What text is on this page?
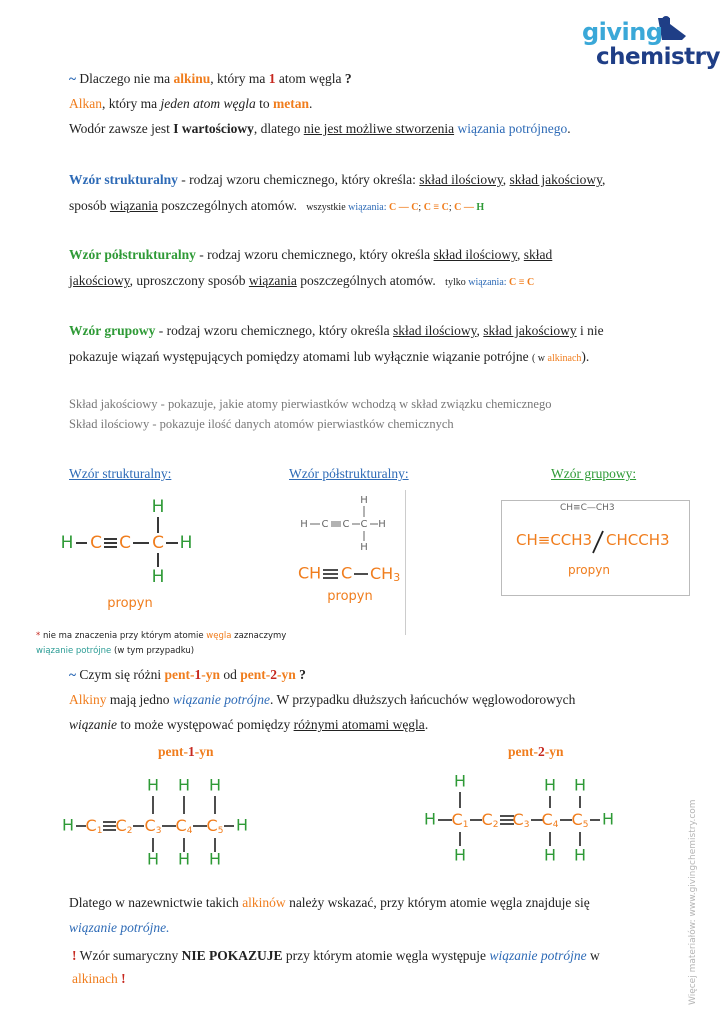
giving
chemistry
~ Dlaczego nie ma alkinu, który ma 1 atom węgla ?
Alkan, który ma jeden atom węgla to metan.
Wodór zawsze jest I wartościowy, dlatego nie jest możliwe stworzenia wiązania potrójnego.
Wzór strukturalny - rodzaj wzoru chemicznego, który określa: skład ilościowy, skład jakościowy,
sposób wiązania poszczególnych atomów. wszystkie wiązania: C — C; C ≡ C; C — H
Wzór półstrukturalny - rodzaj wzoru chemicznego, który określa skład ilościowy, skład
jakościowy, uproszczony sposób wiązania poszczególnych atomów. tylko wiązania: C ≡ C
Wzór grupowy - rodzaj wzoru chemicznego, który określa skład ilościowy, skład jakościowy i nie
pokazuje wiązań występujących pomiędzy atomami lub wyłącznie wiązanie potrójne ( w alkinach).
Skład jakościowy - pokazuje, jakie atomy pierwiastków wchodzą w skład związku chemicznego
Skład ilościowy - pokazuje ilość danych atomów pierwiastków chemicznych
Wzór strukturalny:	Wzór półstrukturalny:	Wzór grupowy:
H C C C H
H
H
propyn
H C C C H
H
H
CH C $CH_3$
propyn
CH≡C—CH3
CH≡CCH3 CHCCH3
propyn
* nie ma znaczenia przy którym atomie węgla zaznaczymy
wiązanie potrójne (w tym przypadku)
~ Czym się różni pent-1-yn od pent-2-yn ?
Alkiny mają jedno wiązanie potrójne. W przypadku dłuższych łańcuchów węglowodorowych
wiązanie to może występować pomiędzy różnymi atomami węgla.
pent-1-yn	pent-2-yn
H $C_1$ $C_2$ $C_3$ $C_4$ $C_5$ H
H
H
H
H
H
H
H $C_1$ $C_2$ $C_3$ $C_4$ $C_5$ H
H
H
H
H
H
H
Dlatego w nazewnictwie takich alkinów należy wskazać, przy którym atomie węgla znajduje się
wiązanie potrójne.
! Wzór sumaryczny NIE POKAZUJE przy którym atomie węgla występuje wiązanie potrójne w
alkinach !	Więcej materiałów: www.givingchemistry.com
